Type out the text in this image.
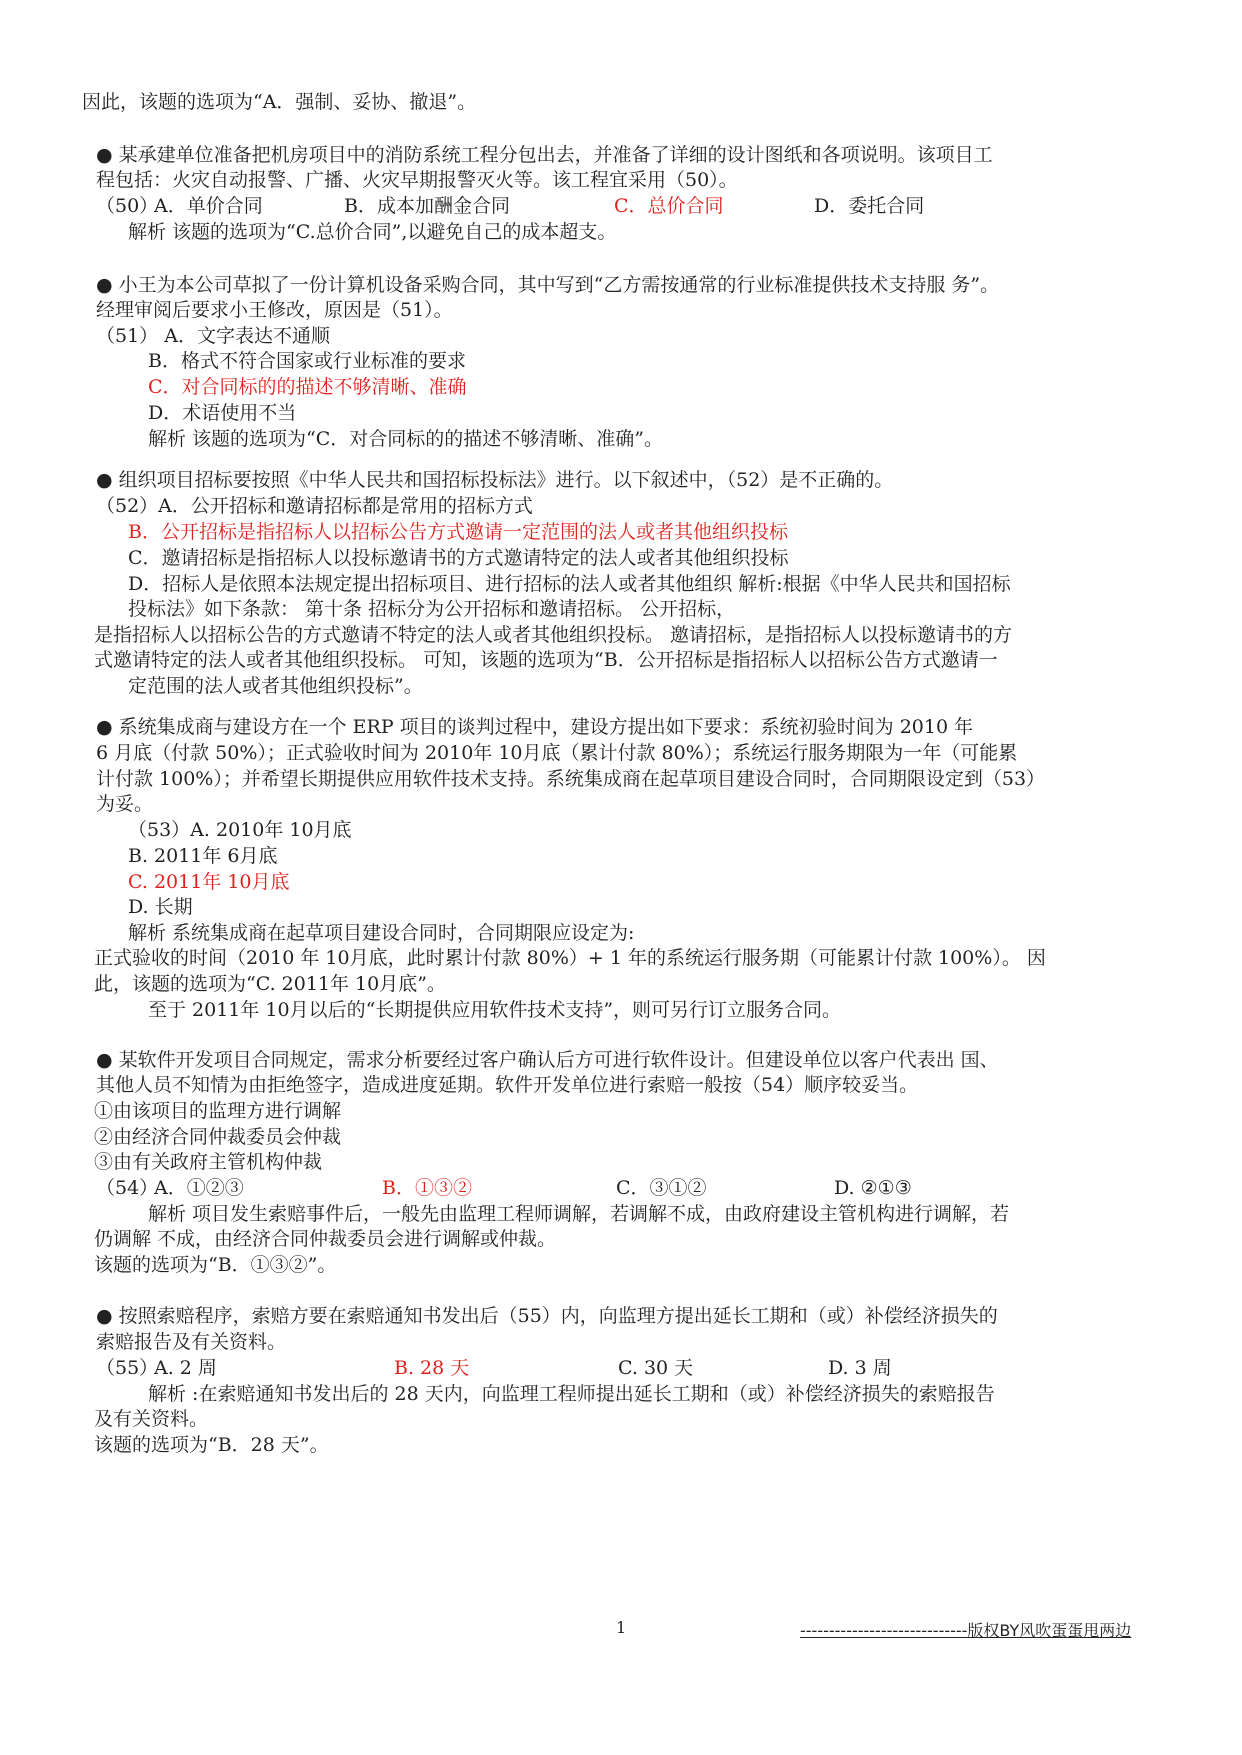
因此，该题的选项为“A．强制、妥协、撤退”。
● 某承建单位准备把机房项目中的消防系统工程分包出去，并准备了详细的设计图纸和各项说明。该项目工
程包括：火灾自动报警、广播、火灾早期报警灭火等。该工程宜采用（50）。
（50）
A．单价合同	B．成本加酬金合同	C．总价合同	D．委托合同
解析 该题的选项为“C.总价合同”,以避免自己的成本超支。
● 小王为本公司草拟了一份计算机设备采购合同，其中写到“乙方需按通常的行业标准提供技术支持服 务”。
经理审阅后要求小王修改，原因是（51）。
（51） A．文字表达不通顺
B．格式不符合国家或行业标准的要求
C．对合同标的的描述不够清晰、准确
D．术语使用不当
解析 该题的选项为“C．对合同标的的描述不够清晰、准确”。
● 组织项目招标要按照《中华人民共和国招标投标法》进行。以下叙述中，（52）是不正确的。
（52）A．公开招标和邀请招标都是常用的招标方式
B．公开招标是指招标人以招标公告方式邀请一定范围的法人或者其他组织投标
C．邀请招标是指招标人以投标邀请书的方式邀请特定的法人或者其他组织投标
D．招标人是依照本法规定提出招标项目、进行招标的法人或者其他组织 解析:根据《中华人民共和国招标
投标法》如下条款： 第十条 招标分为公开招标和邀请招标。 公开招标，
是指招标人以招标公告的方式邀请不特定的法人或者其他组织投标。 邀请招标，是指招标人以投标邀请书的方
式邀请特定的法人或者其他组织投标。 可知，该题的选项为“B．公开招标是指招标人以招标公告方式邀请一
定范围的法人或者其他组织投标”。
● 系统集成商与建设方在一个 ERP 项目的谈判过程中，建设方提出如下要求：系统初验时间为 2010 年
6 月底（付款 50%）；正式验收时间为 2010年 10月底（累计付款 80%）；系统运行服务期限为一年（可能累
计付款 100%）；并希望长期提供应用软件技术支持。系统集成商在起草项目建设合同时，合同期限设定到（53）
为妥。
（53）A. 2010年 10月底
B. 2011年 6月底
C. 2011年 10月底
D. 长期
解析 系统集成商在起草项目建设合同时，合同期限应设定为:
正式验收的时间（2010 年 10月底，此时累计付款 80%）+ 1 年的系统运行服务期（可能累计付款 100%）。 因
此，该题的选项为“C. 2011年 10月底”。
至于 2011年 10月以后的“长期提供应用软件技术支持”，则可另行订立服务合同。
● 某软件开发项目合同规定，需求分析要经过客户确认后方可进行软件设计。但建设单位以客户代表出 国、
其他人员不知情为由拒绝签字，造成进度延期。软件开发单位进行索赔一般按（54）顺序较妥当。
①由该项目的监理方进行调解
②由经济合同仲裁委员会仲裁
③由有关政府主管机构仲裁
（54）
A．①②③	B．①③②	C．③①②	D. ②①③
解析 项目发生索赔事件后，一般先由监理工程师调解，若调解不成，由政府建设主管机构进行调解，若
仍调解 不成，由经济合同仲裁委员会进行调解或仲裁。
该题的选项为“B．①③②”。
● 按照索赔程序，索赔方要在索赔通知书发出后（55）内，向监理方提出延长工期和（或）补偿经济损失的
索赔报告及有关资料。
（55）
A. 2 周	B. 28 天	C. 30 天	D. 3 周
解析 :在索赔通知书发出后的 28 天内，向监理工程师提出延长工期和（或）补偿经济损失的索赔报告
及有关资料。
该题的选项为“B．28 天”。
1	-----------------------------版权BY风吹蛋蛋甩两边
